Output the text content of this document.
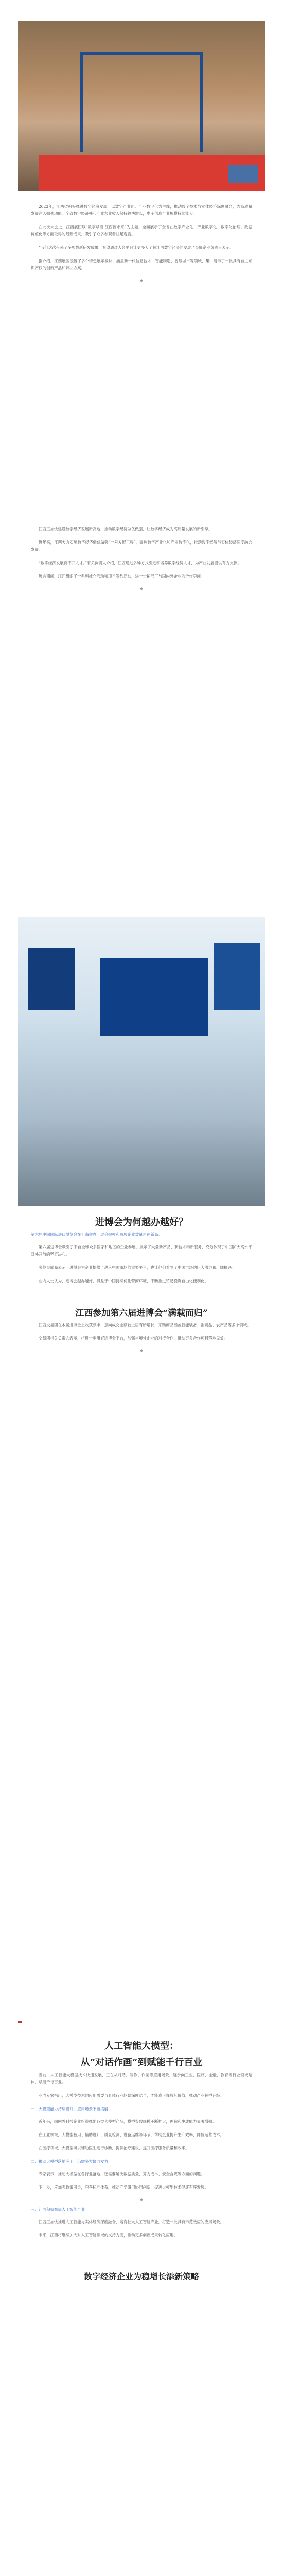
2023年，江西省积极推进数字经济发展，以数字产业化、产业数字化为主线，推动数字技术与实体经济深度融合，为高质量发展注入强劲动能。全省数字经济核心产业营业收入保持较快增长，电子信息产业规模持续壮大。

在此次大会上，江西展团以“数字赋能 江西新未来”为主题，全面展示了全省在数字产业化、产业数字化、数字化治理、数据价值化等方面取得的最新成果，吸引了众多参观者驻足观看。

“我们这次带来了多项最新研发成果，希望通过大会平台让更多人了解江西数字经济的发展。”参展企业负责人表示。

据介绍，江西展区设置了多个特色展示板块，涵盖新一代信息技术、智能制造、智慧城市等领域，集中展示了一批具有自主知识产权的创新产品和解决方案。

◆

江西正加快建设数字经济发展新高地，推动数字经济做优做强，让数字经济成为高质量发展的新引擎。

近年来，江西大力实施数字经济做优做强“一号发展工程”，聚焦数字产业化和产业数字化，推动数字经济与实体经济深度融合发展。

“数字经济发展离不开人才。”有关负责人介绍，江西通过多种方式引进和培养数字经济人才，为产业发展提供有力支撑。

展会期间，江西组织了一系列推介活动和项目签约活动，进一步拓展了与国内外企业的合作空间。

◆
进博会为何越办越好？
第六届中国国际进口博览会在上海举办，展会规模和参展企业数量再创新高。

第六届进博会吸引了来自全球众多国家和地区的企业参展，展示了大量新产品、新技术和新服务，充分体现了中国扩大高水平对外开放的坚定决心。

多位参展商表示，进博会为企业提供了进入中国市场的重要平台，也让他们看到了中国市场的巨大潜力和广阔机遇。

业内人士认为，进博会越办越好，得益于中国持续优化营商环境，不断推进贸易投资自由化便利化。

江西参加第六届进博会“满载而归”

江西交易团在本届进博会上收获颇丰，意向成交金额较上届有所增长，采购商品涵盖智能装备、消费品、农产品等多个领域。

交易团相关负责人表示，将进一步用好进博会平台，加强与境外企业的对接合作，推动更多合作项目落地见效。

◆
人工智能大模型：
从“对话作画”到赋能千行百业

当前，人工智能大模型技术快速发展，正在从对话、写作、作画等应用场景，逐步向工业、医疗、金融、教育等行业领域延伸，赋能千行百业。

业内专家指出，大模型技术的应用需要与具体行业场景深度结合，才能真正释放其价值，推动产业转型升级。

一、大模型能力持续提升，应用场景不断拓展

近年来，国内外科技企业纷纷推出各类大模型产品，模型参数规模不断扩大，理解和生成能力显著增强。

在工业领域，大模型被用于辅助设计、质量检测、设备运维等环节，帮助企业提升生产效率，降低运营成本。

在医疗领域，大模型可以辅助医生进行诊断，提供治疗建议，提升医疗服务质量和效率。

二、推动大模型落地应用，仍需多方协同发力

专家表示，推动大模型在各行业落地，还需要解决数据质量、算力成本、安全合规等方面的问题。

下一步，应加强政策引导，完善标准体系，推动产学研用协同创新，促进大模型技术健康有序发展。

◆
三、江西积极布局人工智能产业

江西正加快推进人工智能与实体经济深度融合，培育壮大人工智能产业，打造一批具有示范效应的应用场景。

未来，江西将继续加大对人工智能领域的支持力度，推动更多创新成果转化应用。

数字经济企业为稳增长添新策略
